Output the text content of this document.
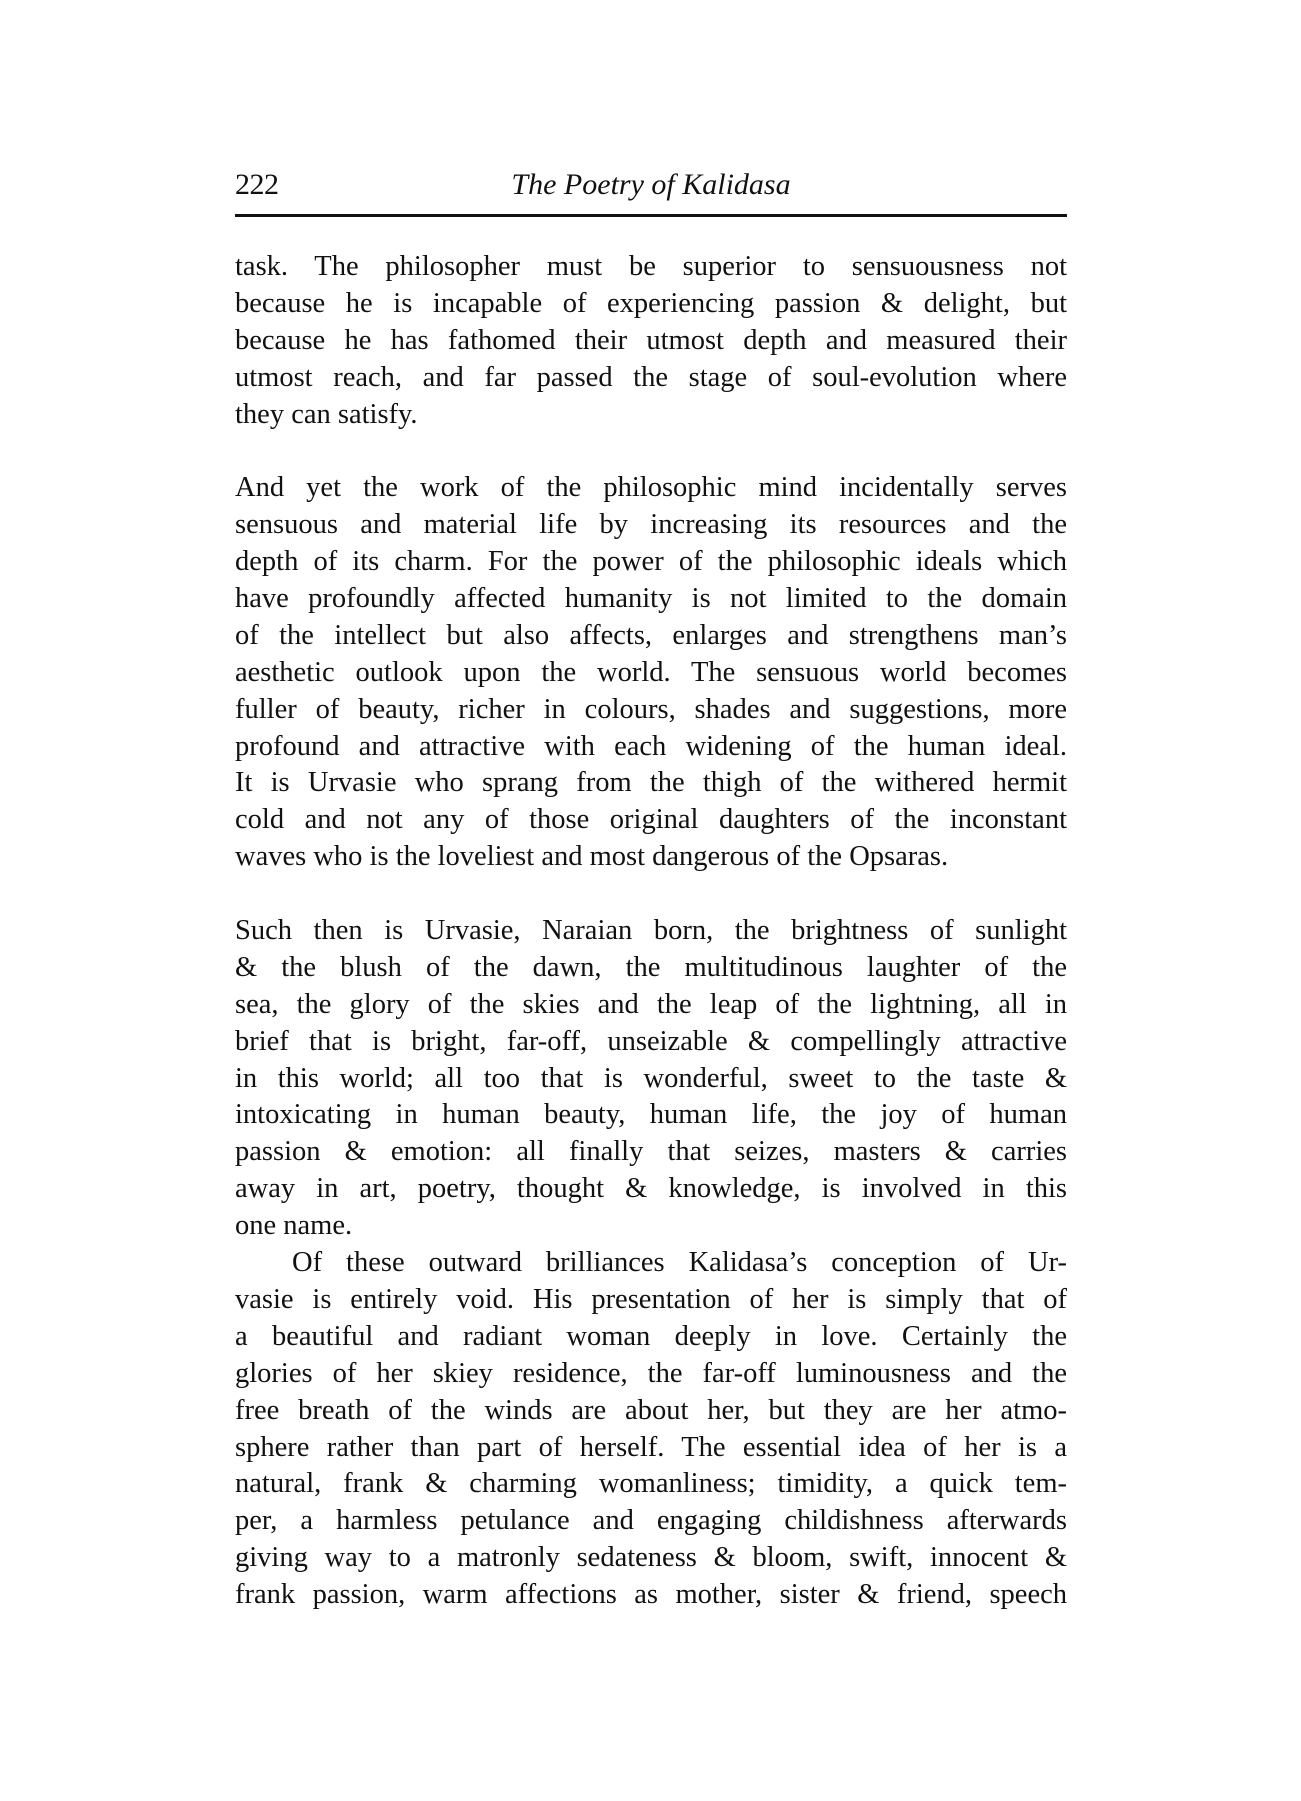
222	The Poetry of Kalidasa
task. The philosopher must be superior to sensuousness not
because he is incapable of experiencing passion & delight, but
because he has fathomed their utmost depth and measured their
utmost reach, and far passed the stage of soul-evolution where
they can satisfy.
And yet the work of the philosophic mind incidentally serves
sensuous and material life by increasing its resources and the
depth of its charm. For the power of the philosophic ideals which
have profoundly affected humanity is not limited to the domain
of the intellect but also affects, enlarges and strengthens man’s
aesthetic outlook upon the world. The sensuous world becomes
fuller of beauty, richer in colours, shades and suggestions, more
profound and attractive with each widening of the human ideal.
It is Urvasie who sprang from the thigh of the withered hermit
cold and not any of those original daughters of the inconstant
waves who is the loveliest and most dangerous of the Opsaras.
Such then is Urvasie, Naraian born, the brightness of sunlight
& the blush of the dawn, the multitudinous laughter of the
sea, the glory of the skies and the leap of the lightning, all in
brief that is bright, far-off, unseizable & compellingly attractive
in this world; all too that is wonderful, sweet to the taste &
intoxicating in human beauty, human life, the joy of human
passion & emotion: all finally that seizes, masters & carries
away in art, poetry, thought & knowledge, is involved in this
one name.
Of these outward brilliances Kalidasa’s conception of Ur-
vasie is entirely void. His presentation of her is simply that of
a beautiful and radiant woman deeply in love. Certainly the
glories of her skiey residence, the far-off luminousness and the
free breath of the winds are about her, but they are her atmo-
sphere rather than part of herself. The essential idea of her is a
natural, frank & charming womanliness; timidity, a quick tem-
per, a harmless petulance and engaging childishness afterwards
giving way to a matronly sedateness & bloom, swift, innocent &
frank passion, warm affections as mother, sister & friend, speech
